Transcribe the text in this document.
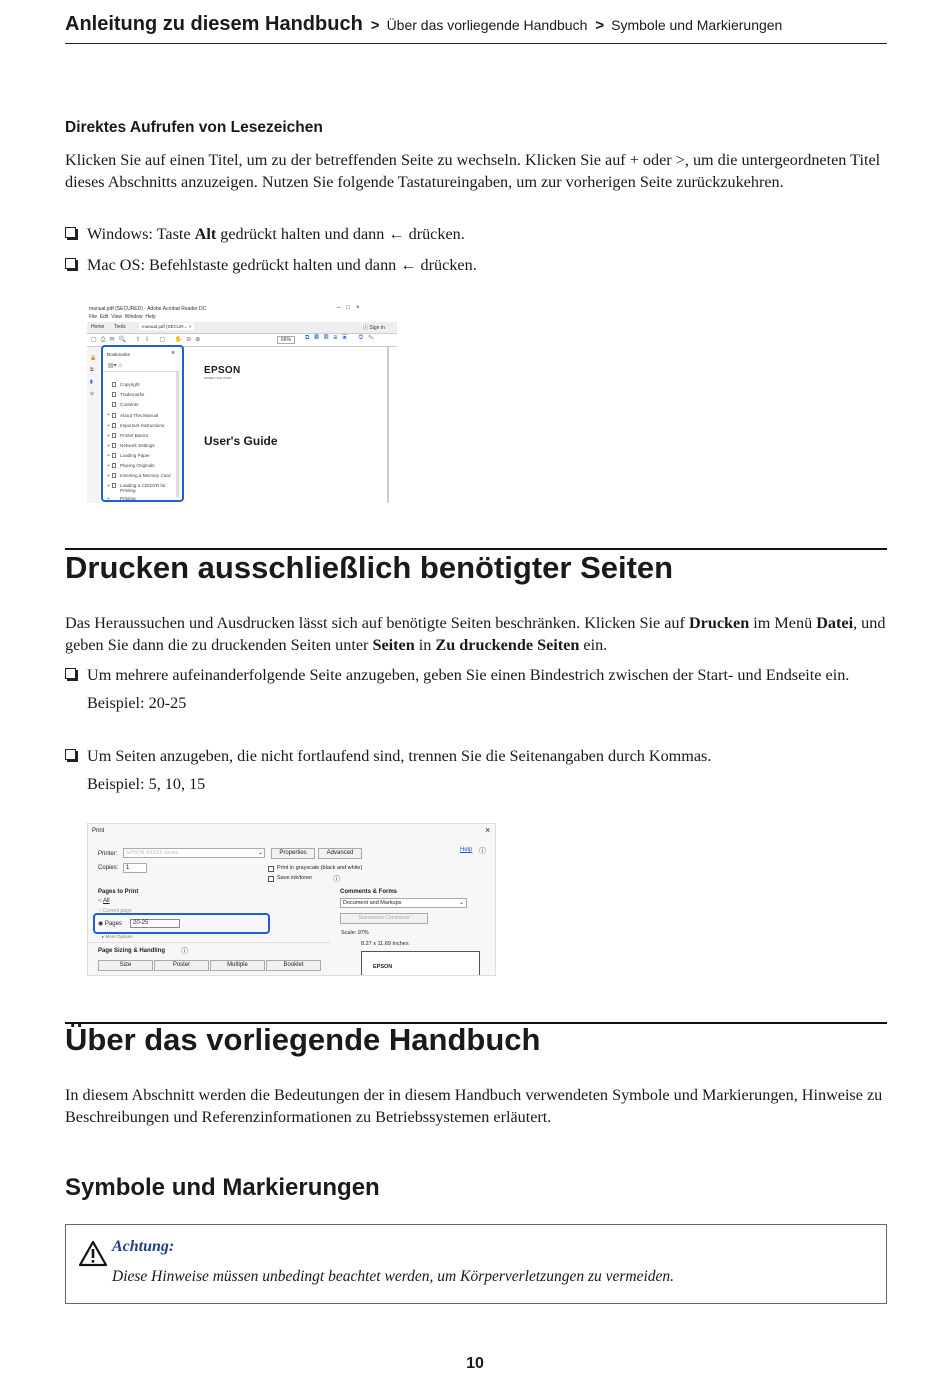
Anleitung zu diesem Handbuch > Über das vorliegende Handbuch > Symbole und Markierungen
Direktes Aufrufen von Lesezeichen

Klicken Sie auf einen Titel, um zu der betreffenden Seite zu wechseln. Klicken Sie auf + oder >, um die untergeordneten Titel dieses Abschnitts anzuzeigen. Nutzen Sie folgende Tastatureingaben, um zur vorherigen Seite zurückzukehren.

Windows: Taste Alt gedrückt halten und dann ← drücken.
Mac OS: Befehlstaste gedrückt halten und dann ← drücken.
manual.pdf (SECURED) - Adobe Acrobat Reader DC	–□×
File Edit View Window Help
Home Tools	manual.pdf (SECUR... ×	ⓘ Sign In
▢⎙✉🔍 ⇧⇩ ▢ ✋⊖⊕	66%	⧉▦▤⊞▣ ◎✎
🔒
⧉
▮
⊘
Bookmarks	×
▤▾ ⌂
Copyright
Trademarks
Contents
+ About This Manual
+ Important Instructions
+ Printer Basics
+ Network Settings
+ Loading Paper
+ Placing Originals
+ Inserting a Memory Card
+ Loading a CD/DVD for Printing
+ Printing
EPSON
EXCEED YOUR VISION
User's Guide
Drucken ausschließlich benötigter Seiten

Das Heraussuchen und Ausdrucken lässt sich auf benötigte Seiten beschränken. Klicken Sie auf Drucken im Menü Datei, und geben Sie dann die zu druckenden Seiten unter Seiten in Zu druckende Seiten ein.

Um mehrere aufeinanderfolgende Seite anzugeben, geben Sie einen Bindestrich zwischen der Start- und Endseite ein.
Beispiel: 20-25
Um Seiten anzugeben, die nicht fortlaufend sind, trennen Sie die Seitenangaben durch Kommas.
Beispiel: 5, 10, 15
Print	×
Printer: EPSON XXXXX Series	⌄	Properties	Advanced	Help ⓘ
Copies: 1	Print in grayscale (black and white)
Save ink/toner	ⓘ
Pages to Print
○ All
○ Current page
◉ Pages 20-25
▸ More Options
Page Sizing & Handling ⓘ
Size	Poster	Multiple	Booklet
Comments & Forms
Document and Markups	⌄
Summarize Comments
Scale: 97%
8.27 x 11.69 Inches
EPSON
Über das vorliegende Handbuch

In diesem Abschnitt werden die Bedeutungen der in diesem Handbuch verwendeten Symbole und Markierungen, Hinweise zu Beschreibungen und Referenzinformationen zu Betriebssystemen erläutert.

Symbole und Markierungen
Achtung:
Diese Hinweise müssen unbedingt beachtet werden, um Körperverletzungen zu vermeiden.
10
